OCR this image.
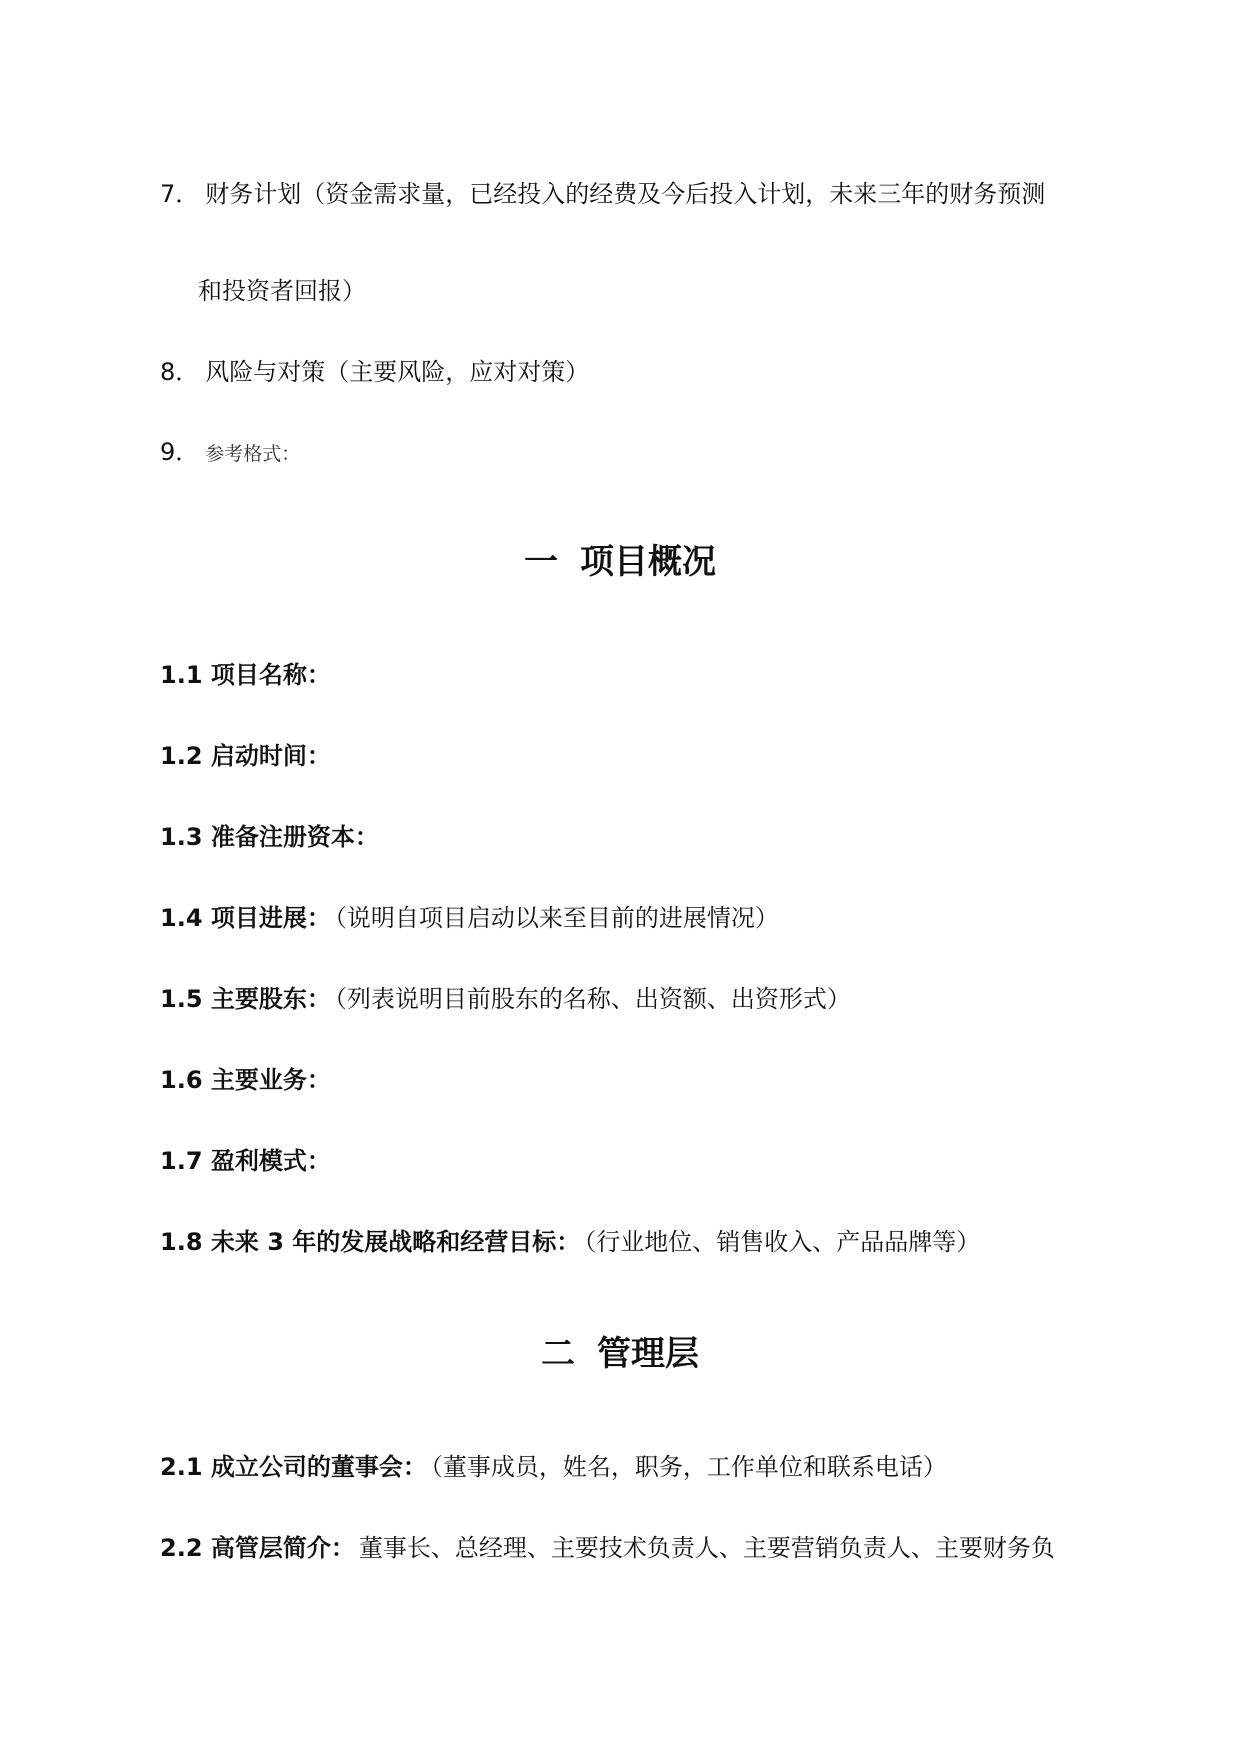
7． 财务计划（资金需求量，已经投入的经费及今后投入计划，未来三年的财务预测
和投资者回报）
8． 风险与对策（主要风险，应对对策）
9． 参考格式：
一 项目概况
1.1 项目名称：
1.2 启动时间：
1.3 准备注册资本：
1.4 项目进展： （说明自项目启动以来至目前的进展情况）
1.5 主要股东： （列表说明目前股东的名称、出资额、出资形式）
1.6 主要业务：
1.7 盈利模式：
1.8 未来 3 年的发展战略和经营目标： （行业地位、销售收入、产品品牌等）
二 管理层
2.1 成立公司的董事会： （董事成员，姓名，职务，工作单位和联系电话）
2.2 高管层简介： 董事长、总经理、主要技术负责人、主要营销负责人、主要财务负
